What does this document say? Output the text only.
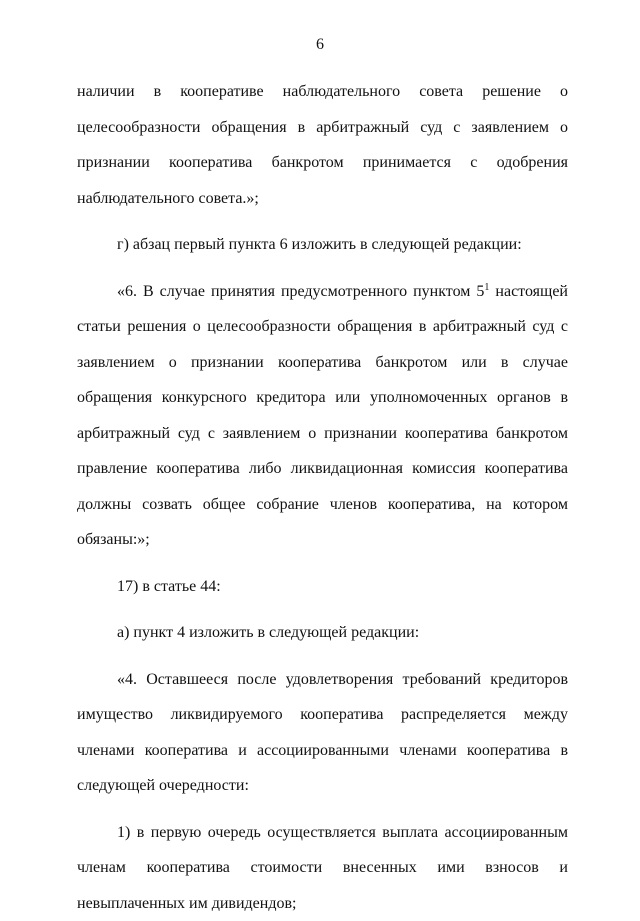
6

наличии в кооперативе наблюдательного совета решение о целесообразности обращения в арбитражный суд с заявлением о признании кооператива банкротом принимается с одобрения наблюдательного совета.»;

г) абзац первый пункта 6 изложить в следующей редакции:

«6. В случае принятия предусмотренного пунктом $5^1$ настоящей статьи решения о целесообразности обращения в арбитражный суд с заявлением о признании кооператива банкротом или в случае обращения конкурсного кредитора или уполномоченных органов в арбитражный суд с заявлением о признании кооператива банкротом правление кооператива либо ликвидационная комиссия кооператива должны созвать общее собрание членов кооператива, на котором обязаны:»;

17) в статье 44:

а) пункт 4 изложить в следующей редакции:

«4. Оставшееся после удовлетворения требований кредиторов имущество ликвидируемого кооператива распределяется между членами кооператива и ассоциированными членами кооператива в следующей очередности:

1) в первую очередь осуществляется выплата ассоциированным членам кооператива стоимости внесенных ими взносов и невыплаченных им дивидендов;
